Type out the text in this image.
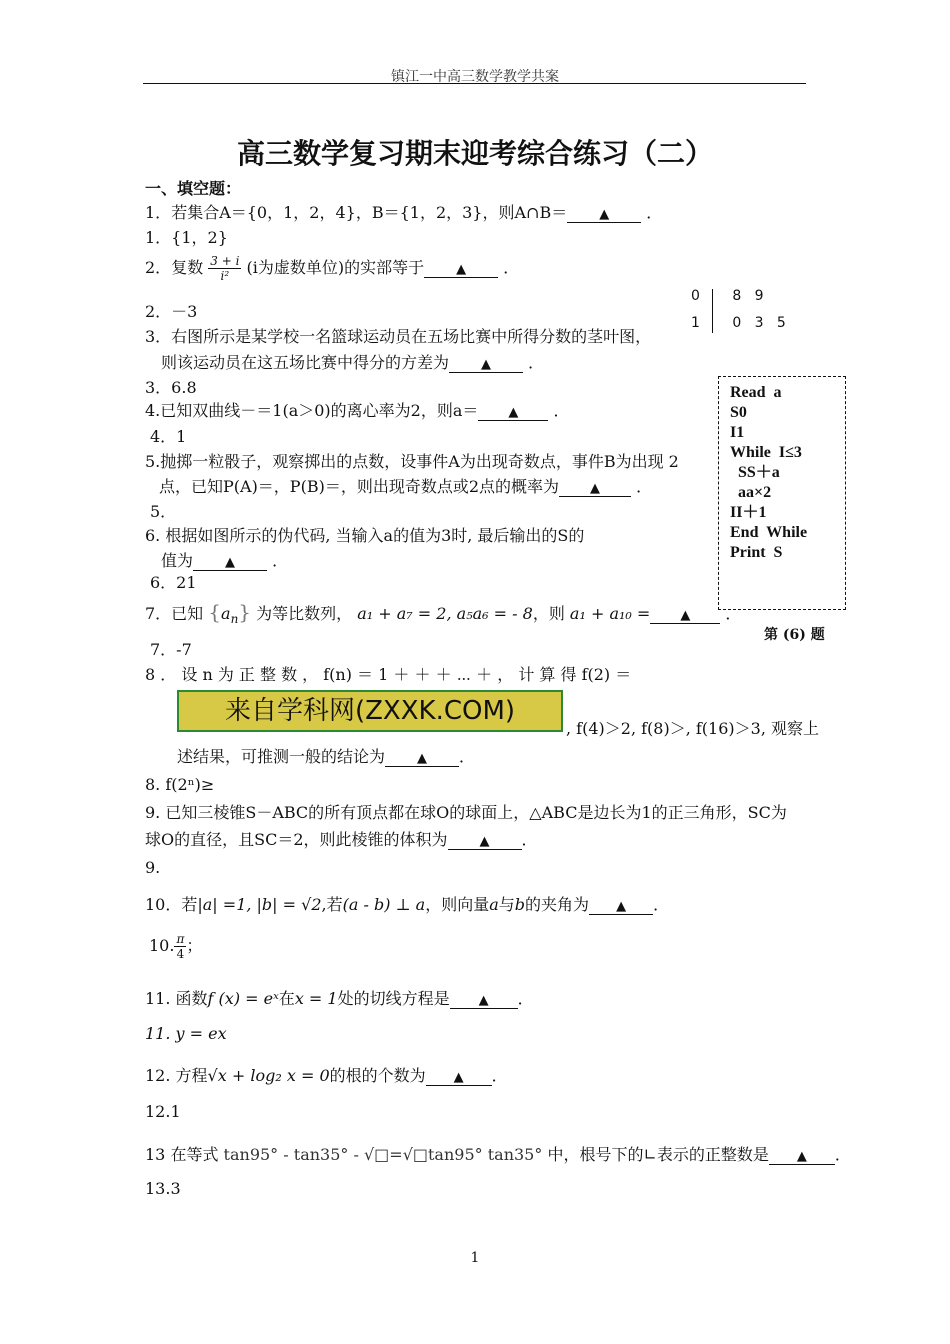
镇江一中高三数学教学共案
高三数学复习期末迎考综合练习（二）
一、填空题：
1．若集合A＝{0，1，2，4}，B＝{1，2，3}，则A∩B＝ ▲ ．
1．{1，2}
2．复数 $\frac{3 + i}{\text{i²}} (i$为虚数单位)的实部等于 ▲ ．
2．－3
0 8   9
1 0   3   5
3．右图所示是某学校一名篮球运动员在五场比赛中所得分数的茎叶图，
则该运动员在这五场比赛中得分的方差为 ▲ ．
3．6.8
4.已知双曲线－＝1(a＞0)的离心率为2，则a＝ ▲ ．
4．1
5.抛掷一粒骰子，观察掷出的点数，设事件A为出现奇数点，事件B为出现 2
点，已知P(A)＝，P(B)＝，则出现奇数点或2点的概率为 ▲ ．
5．
6. 根据如图所示的伪代码, 当输入a的值为3时, 最后输出的S的
值为 ▲ ．
6．21
Read  a
S0
I1
While  I≤3
SS＋a
aa×2
II＋1
End  While
Print  S
第 (6) 题
7．已知 $\{a_n\}$ 为等比数列， a₁ + a₇ = 2, a₅a₆ = - 8，则 a₁ + a₁₀ = ▲ ．
7．-7
8 ． 设 n 为 正 整 数 ， f(n) ＝ 1 ＋ ＋ ＋ ⋯ ＋ ， 计 算 得 f(2) ＝
来自学科网(ZXXK.COM)
, f(4)＞2, f(8)＞, f(16)＞3, 观察上
述结果，可推测一般的结论为 ▲ ．
8. f(2ⁿ)≥
9. 已知三棱锥S－ABC的所有顶点都在球O的球面上，△ABC是边长为1的正三角形，SC为
球O的直径，且SC＝2，则此棱锥的体积为 ▲ ．
9.
10．若|a| =1, |b| = √2,若(a - b) ⊥ a，则向量a与b的夹角为 ▲ ．
10. $\frac{\pi}{4}$ ；
11. 函数f (x) = eˣ在x = 1处的切线方程是 ▲ ．
11. y = ex
12. 方程√x + log₂ x = 0的根的个数为 ▲ ．
12.1
13 在等式 tan95° - tan35° - √□=√□tan95° tan35° 中，根号下的∟表示的正整数是 ▲ ．
13.3
1
